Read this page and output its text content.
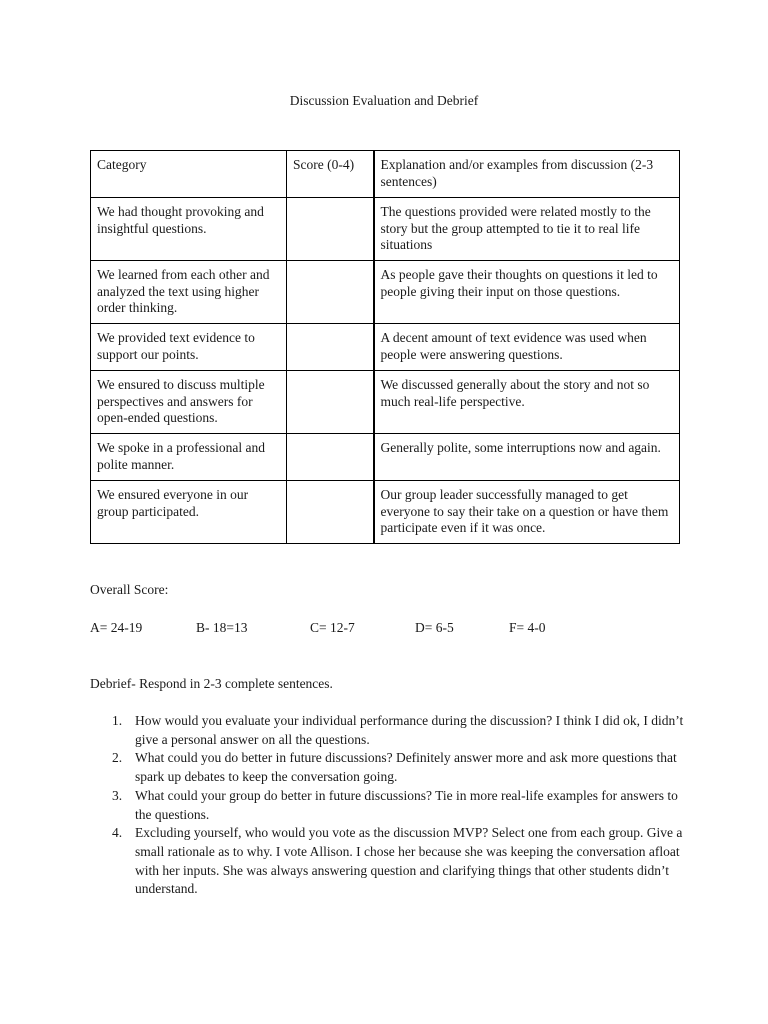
Discussion Evaluation and Debrief
Category	Score (0-4)	Explanation and/or examples from discussion (2-3 sentences)
We had thought provoking and insightful questions.		The questions provided were related mostly to the story but the group attempted to tie it to real life situations
We learned from each other and analyzed the text using higher order thinking.		As people gave their thoughts on questions it led to people giving their input on those questions.
We provided text evidence to support our points.		A decent amount of text evidence was used when people were answering questions.
We ensured to discuss multiple perspectives and answers for open-ended questions.		We discussed generally about the story and not so much real-life perspective.
We spoke in a professional and polite manner.		Generally polite, some interruptions now and again.
We ensured everyone in our group participated.		Our group leader successfully managed to get everyone to say their take on a question or have them participate even if it was once.
Overall Score:
A= 24-19	B- 18=13	C= 12-7	D= 6-5	F= 4-0
Debrief- Respond in 2-3 complete sentences.
1. How would you evaluate your individual performance during the discussion? I think I did ok, I didn’t give a personal answer on all the questions.
2. What could you do better in future discussions? Definitely answer more and ask more questions that spark up debates to keep the conversation going.
3. What could your group do better in future discussions? Tie in more real-life examples for answers to the questions.
4. Excluding yourself, who would you vote as the discussion MVP? Select one from each group. Give a small rationale as to why. I vote Allison. I chose her because she was keeping the conversation afloat with her inputs. She was always answering question and clarifying things that other students didn’t understand.
